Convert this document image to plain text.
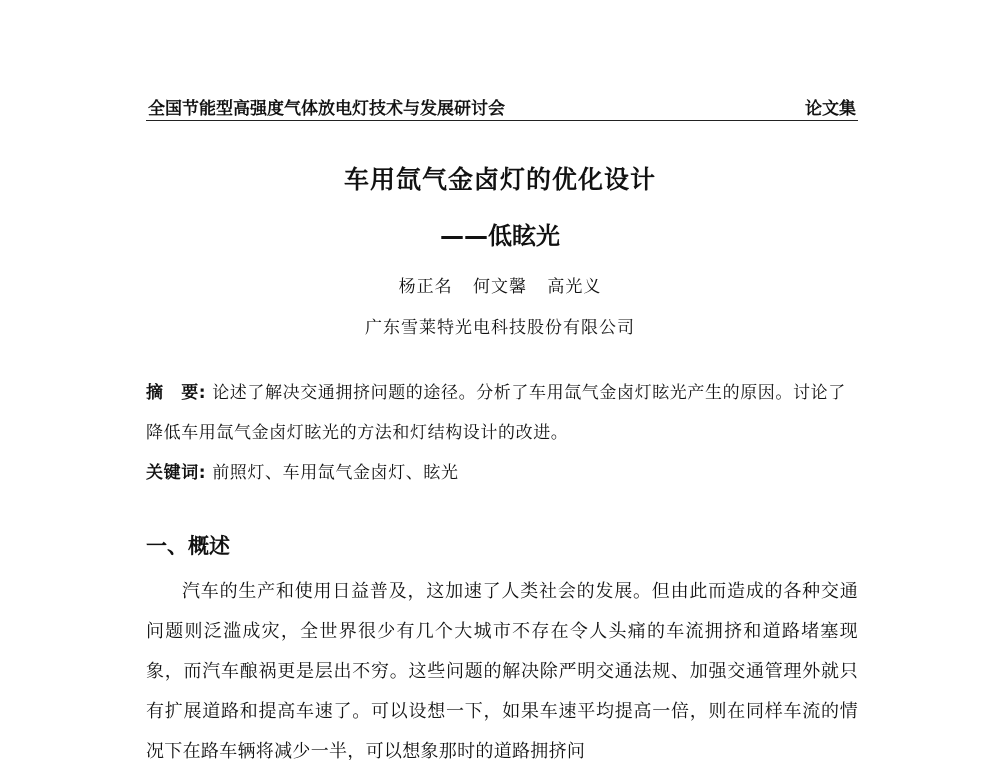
全国节能型高强度气体放电灯技术与发展研讨会	论文集
车用氙气金卤灯的优化设计
——低眩光
杨正名 何文馨 高光义
广东雪莱特光电科技股份有限公司
摘　要: 论述了解决交通拥挤问题的途径。分析了车用氙气金卤灯眩光产生的原因。讨论了降低车用氙气金卤灯眩光的方法和灯结构设计的改进。
关键词: 前照灯、车用氙气金卤灯、眩光
一、概述
汽车的生产和使用日益普及，这加速了人类社会的发展。但由此而造成的各种交通问题则泛滥成灾，全世界很少有几个大城市不存在令人头痛的车流拥挤和道路堵塞现象，而汽车酿祸更是层出不穷。这些问题的解决除严明交通法规、加强交通管理外就只有扩展道路和提高车速了。可以设想一下，如果车速平均提高一倍，则在同样车流的情况下在路车辆将减少一半，可以想象那时的道路拥挤问
